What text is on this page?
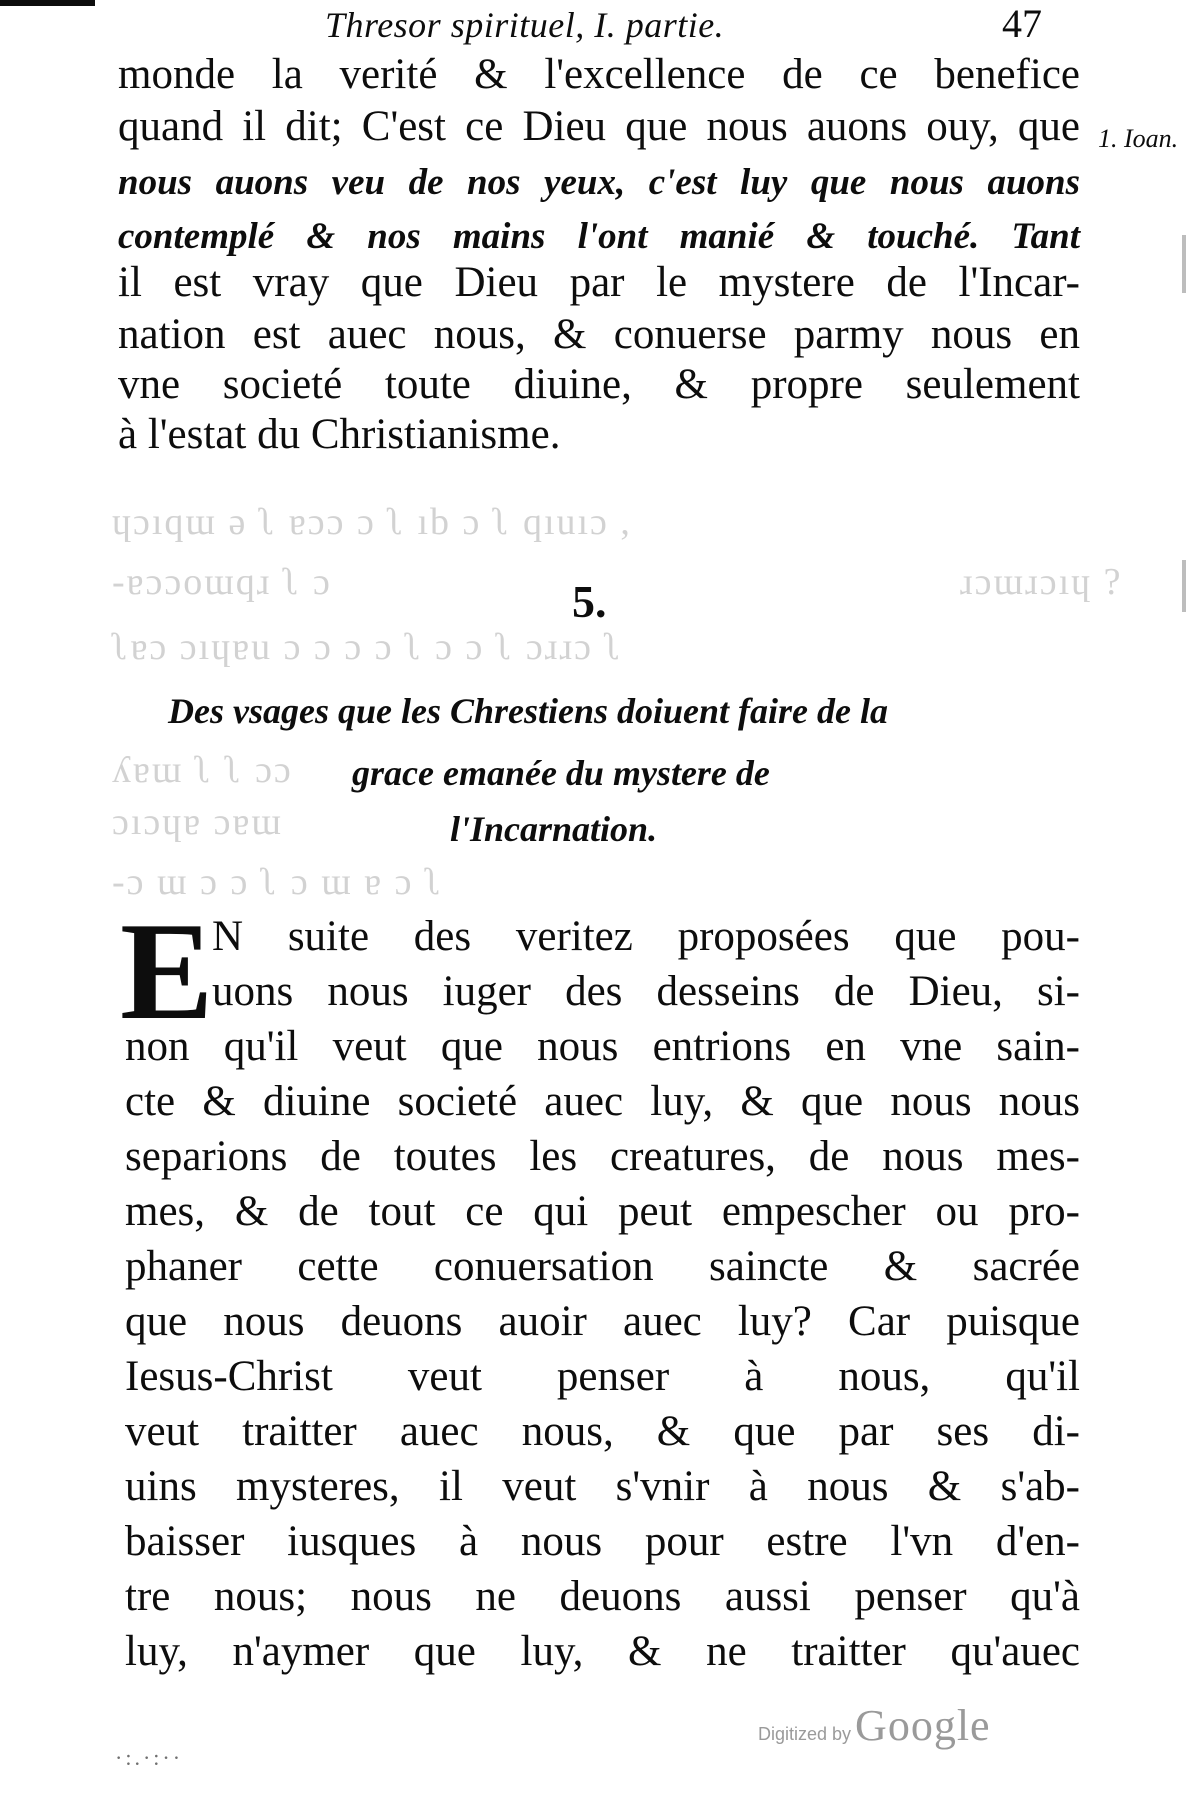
Thresor spirituel, I. partie.	47
1. Ioan.
monde la verité & l'excellence de ce benefice
quand il dit; C'est ce Dieu que nous auons ouy, que
nous auons veu de nos yeux, c'est luy que nous auons
contemplé & nos mains l'ont manié & touché. Tant
il est vray que Dieu par le mystere de l'Incar-
nation est auec nous, & conuerse parmy nous en
vne societé toute diuine, & propre seulement
à l'estat du Christianisme.
ɥɔıqɯ ǝ ʅ ɐɔɔ ɔ ʅ ıb ɔ ʅ qıuıɔ ,
-ɐɔɔoɯqɹ ʅ ɔ	ɹɔɯɹɔıɥ ?
ʅɐɔ ɔıɥɐu ɔ ɔ ɔ ɔ ʅ ɔ ɔ ʅ ɔɹɹɔ ʅ
ʎɐɯ ʅ ʅ ɔɔ
ɔıɔɥɐ ɔɐɯ
-ɔ ɯ ɔ ɔ ʅ ɔ ɯ ɐ ɔ ʅ
5.
Des vsages que les Chrestiens doiuent faire de la
grace emanée du mystere de
l'Incarnation.
E
N suite des veritez proposées que pou-
uons nous iuger des desseins de Dieu, si-
non qu'il veut que nous entrions en vne sain-
cte & diuine societé auec luy, & que nous nous
separions de toutes les creatures, de nous mes-
mes, & de tout ce qui peut empescher ou pro-
phaner cette conuersation saincte & sacrée
que nous deuons auoir auec luy? Car puisque
Iesus-Christ veut penser à nous, qu'il
veut traitter auec nous, & que par ses di-
uins mysteres, il veut s'vnir à nous & s'ab-
baisser iusques à nous pour estre l'vn d'en-
tre nous; nous ne deuons aussi penser qu'à
luy, n'aymer que luy, & ne traitter qu'auec
·:.·:··
Digitized by Google
